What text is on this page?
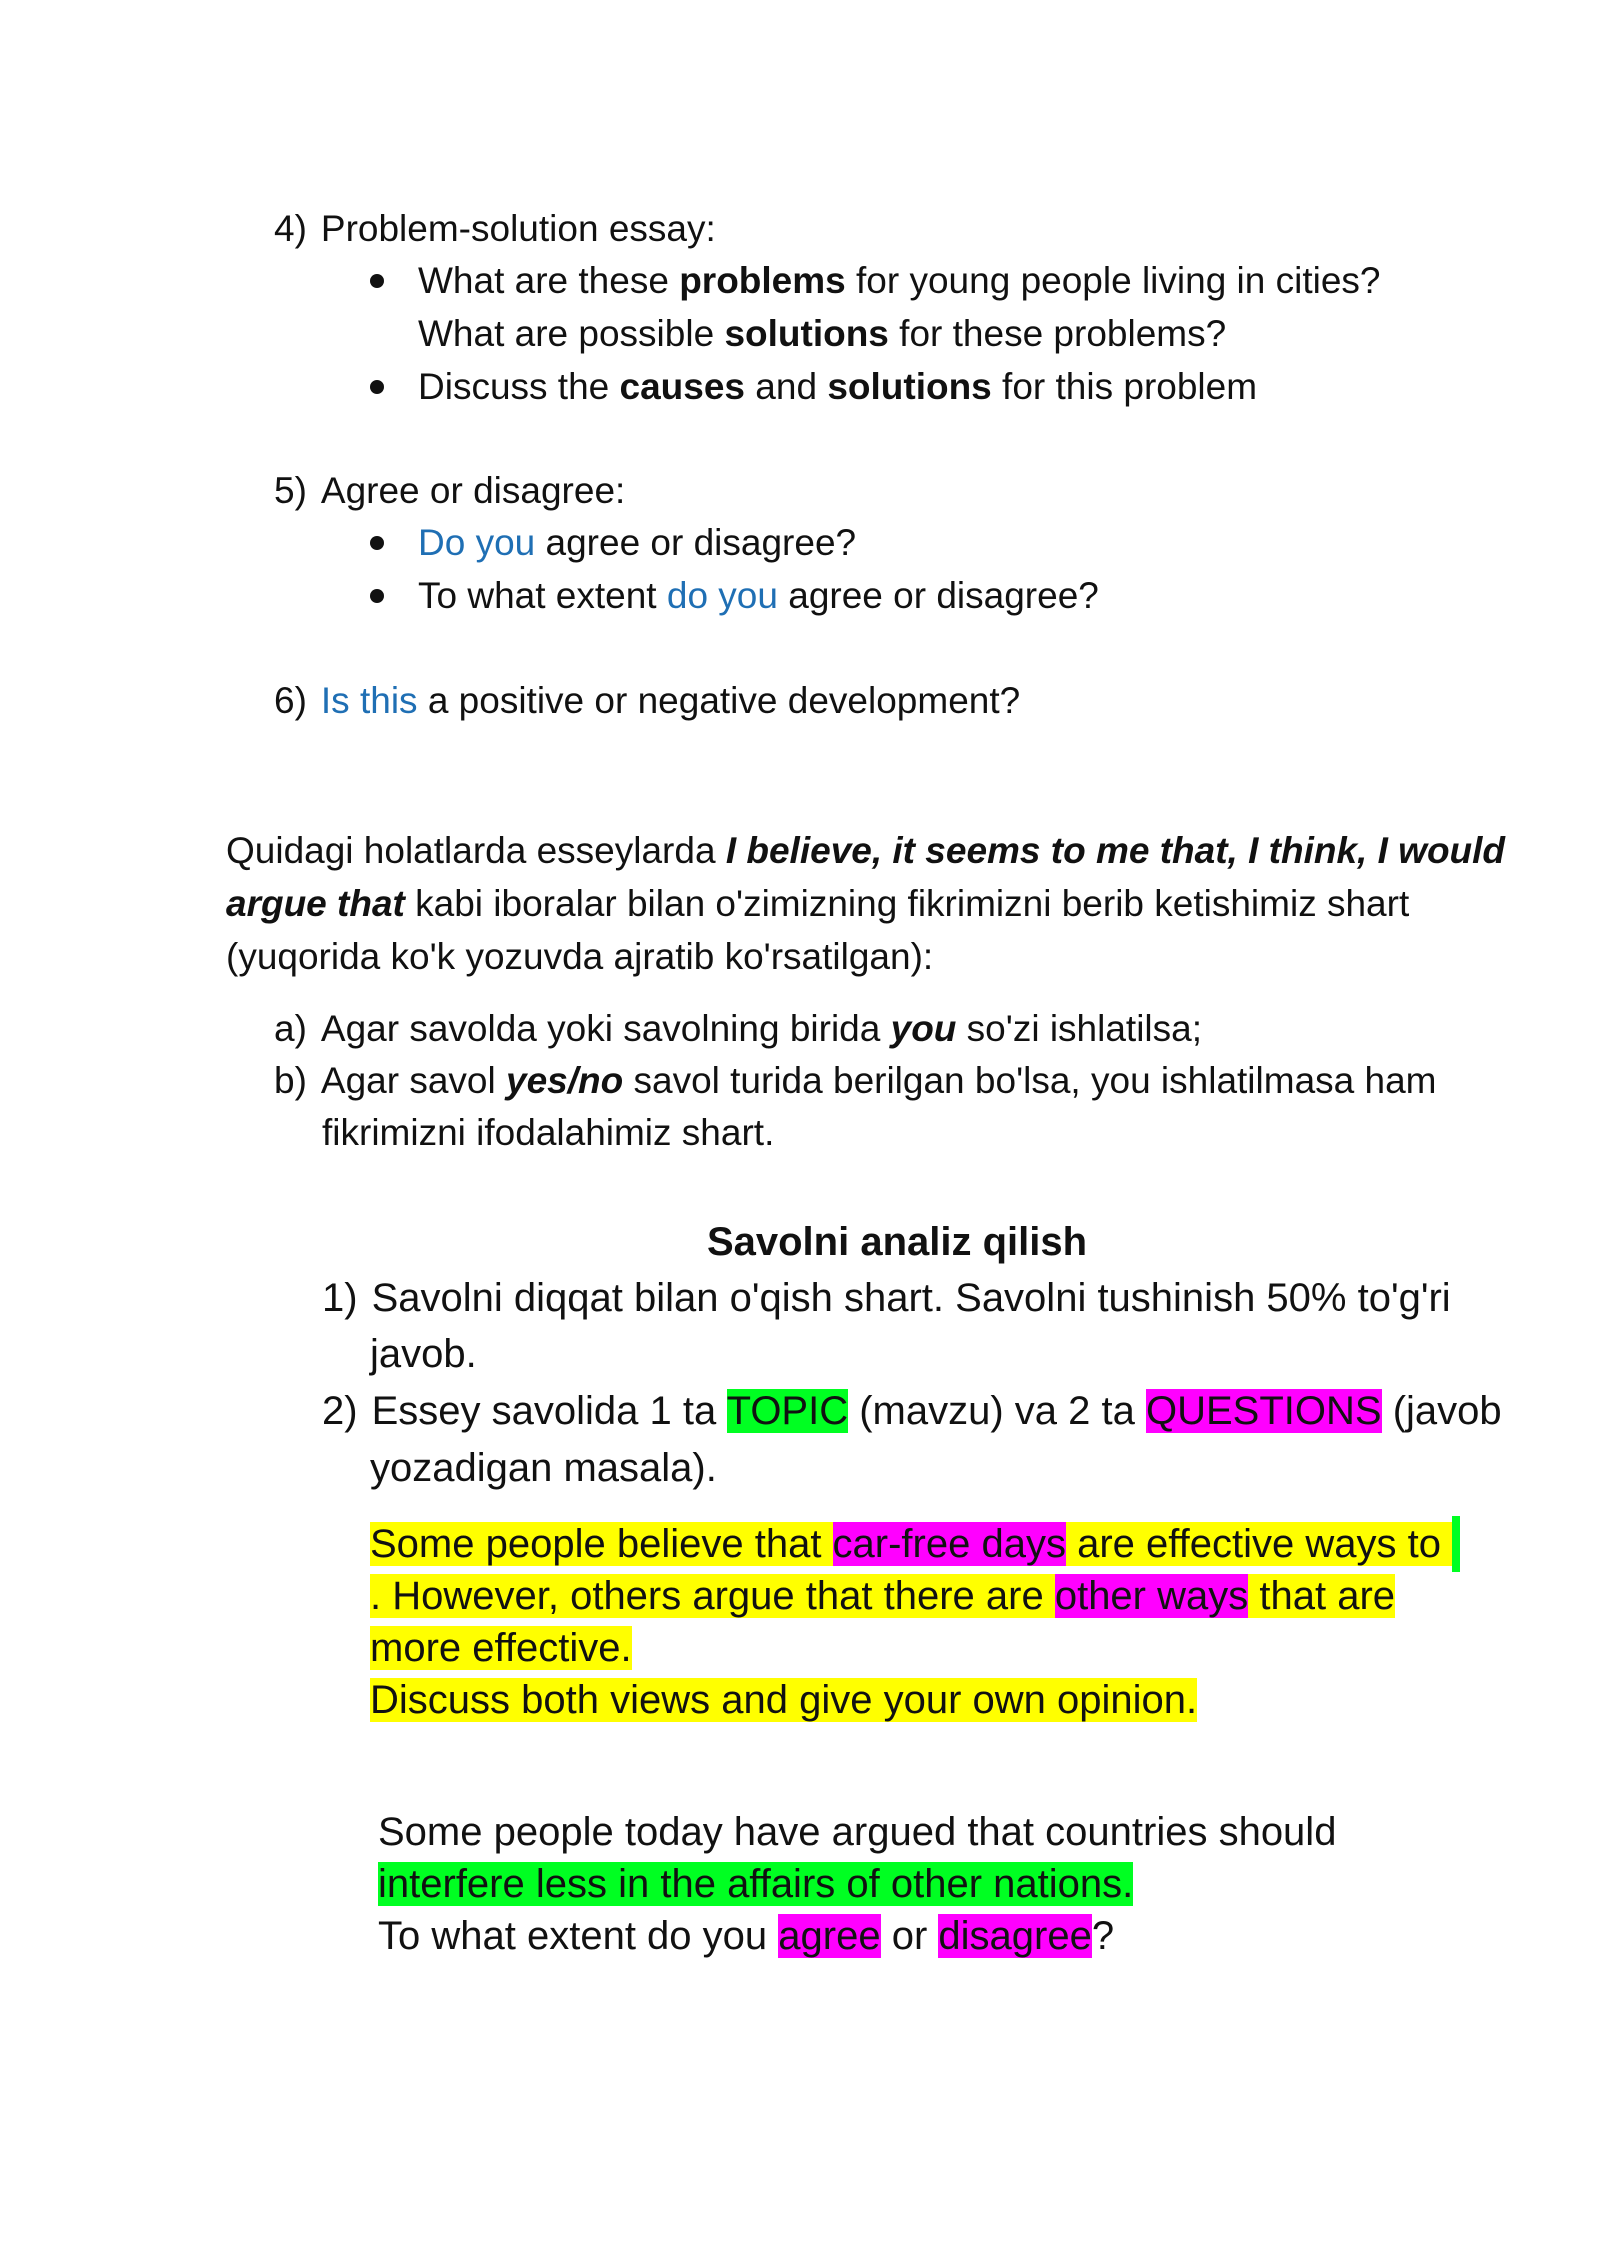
4) Problem-solution essay:
What are these problems for young people living in cities?
What are possible solutions for these problems?
Discuss the causes and solutions for this problem
5) Agree or disagree:
Do you agree or disagree?
To what extent do you agree or disagree?
6) Is this a positive or negative development?
Quidagi holatlarda esseylarda I believe, it seems to me that, I think, I would
argue that kabi iboralar bilan o'zimizning fikrimizni berib ketishimiz shart
(yuqorida ko'k yozuvda ajratib ko'rsatilgan):
a) Agar savolda yoki savolning birida you so'zi ishlatilsa;
b) Agar savol yes/no savol turida berilgan bo'lsa, you ishlatilmasa ham
fikrimizni ifodalahimiz shart.
Savolni analiz qilish
1) Savolni diqqat bilan o'qish shart. Savolni tushinish 50% to'g'ri
javob.
2) Essey savolida 1 ta TOPIC (mavzu) va 2 ta QUESTIONS (javob
yozadigan masala).
Some people believe that car-free days are effective ways to
. However, others argue that there are other ways that are
more effective.
Discuss both views and give your own opinion.
Some people today have argued that countries should
interfere less in the affairs of other nations.
To what extent do you agree or disagree?
